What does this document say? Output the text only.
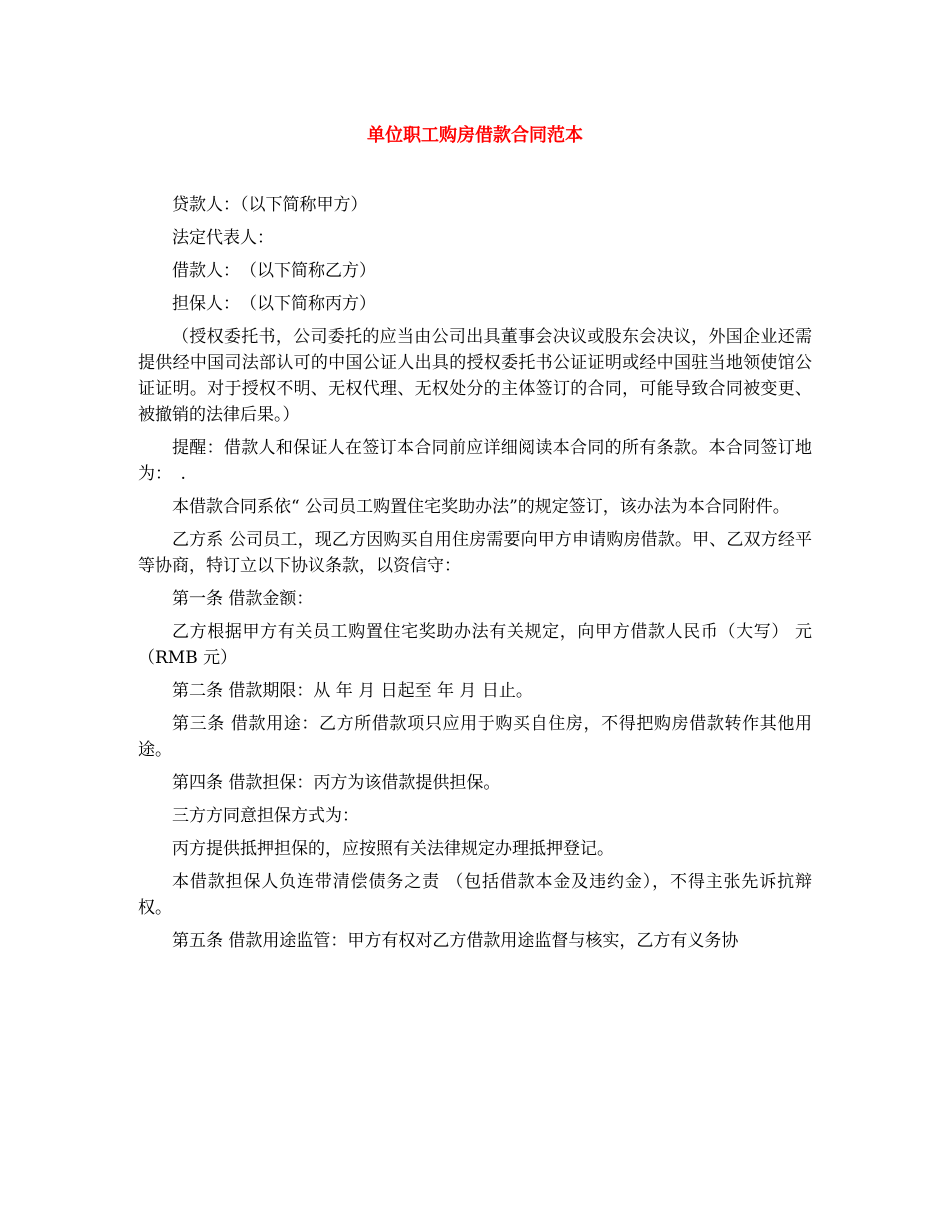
单位职工购房借款合同范本

贷款人：（以下简称甲方）

法定代表人：

借款人：　（以下简称乙方）

担保人：　（以下简称丙方）

（授权委托书，公司委托的应当由公司出具董事会决议或股东会决议，外国企业还需提供经中国司法部认可的中国公证人出具的授权委托书公证证明或经中国驻当地领使馆公证证明。对于授权不明、无权代理、无权处分的主体签订的合同，可能导致合同被变更、被撤销的法律后果。）

提醒：借款人和保证人在签订本合同前应详细阅读本合同的所有条款。本合同签订地为：　.

本借款合同系依“ 公司员工购置住宅奖助办法”的规定签订，该办法为本合同附件。

乙方系 公司员工，现乙方因购买自用住房需要向甲方申请购房借款。甲、乙双方经平等协商，特订立以下协议条款，以资信守：

第一条 借款金额：

乙方根据甲方有关员工购置住宅奖助办法有关规定，向甲方借款人民币（大写） 元（RMB 元）

第二条 借款期限：从 年 月 日起至 年 月 日止。

第三条 借款用途：乙方所借款项只应用于购买自住房，不得把购房借款转作其他用途。

第四条 借款担保：丙方为该借款提供担保。

三方方同意担保方式为：

丙方提供抵押担保的，应按照有关法律规定办理抵押登记。

本借款担保人负连带清偿债务之责 （包括借款本金及违约金），不得主张先诉抗辩权。

第五条 借款用途监管：甲方有权对乙方借款用途监督与核实，乙方有义务协
